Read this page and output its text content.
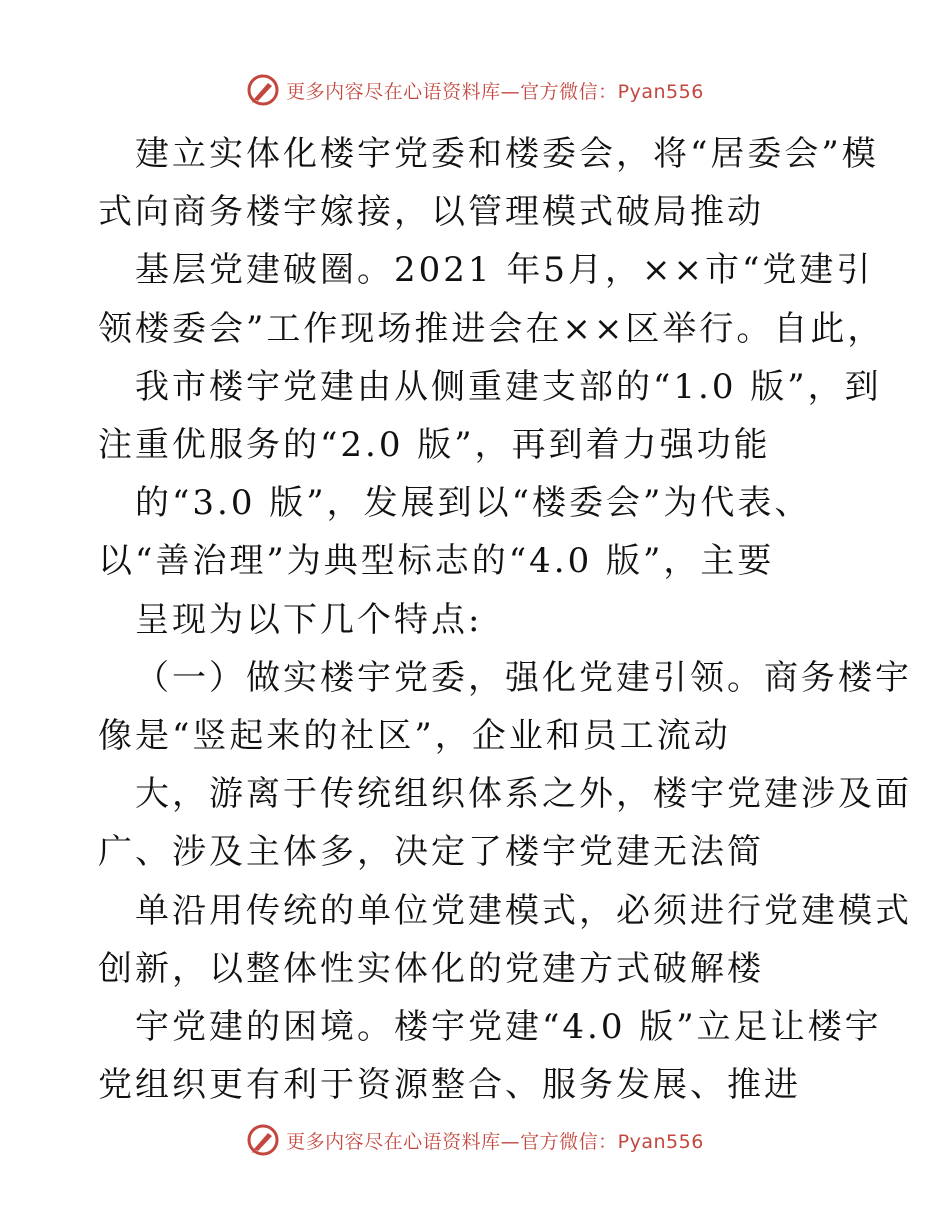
更多内容尽在心语资料库—官方微信：Pyan556
建立实体化楼宇党委和楼委会，将“居委会”模
式向商务楼宇嫁接，以管理模式破局推动
基层党建破圈。2021 年5月，××市“党建引
领楼委会”工作现场推进会在××区举行。自此，
我市楼宇党建由从侧重建支部的“1.0 版”，到
注重优服务的“2.0 版”，再到着力强功能
的“3.0 版”，发展到以“楼委会”为代表、
以“善治理”为典型标志的“4.0 版”，主要
呈现为以下几个特点:
（一）做实楼宇党委，强化党建引领。商务楼宇
像是“竖起来的社区”，企业和员工流动
大，游离于传统组织体系之外，楼宇党建涉及面
广、涉及主体多，决定了楼宇党建无法简
单沿用传统的单位党建模式，必须进行党建模式
创新，以整体性实体化的党建方式破解楼
宇党建的困境。楼宇党建“4.0 版”立足让楼宇
党组织更有利于资源整合、服务发展、推进
更多内容尽在心语资料库—官方微信：Pyan556
